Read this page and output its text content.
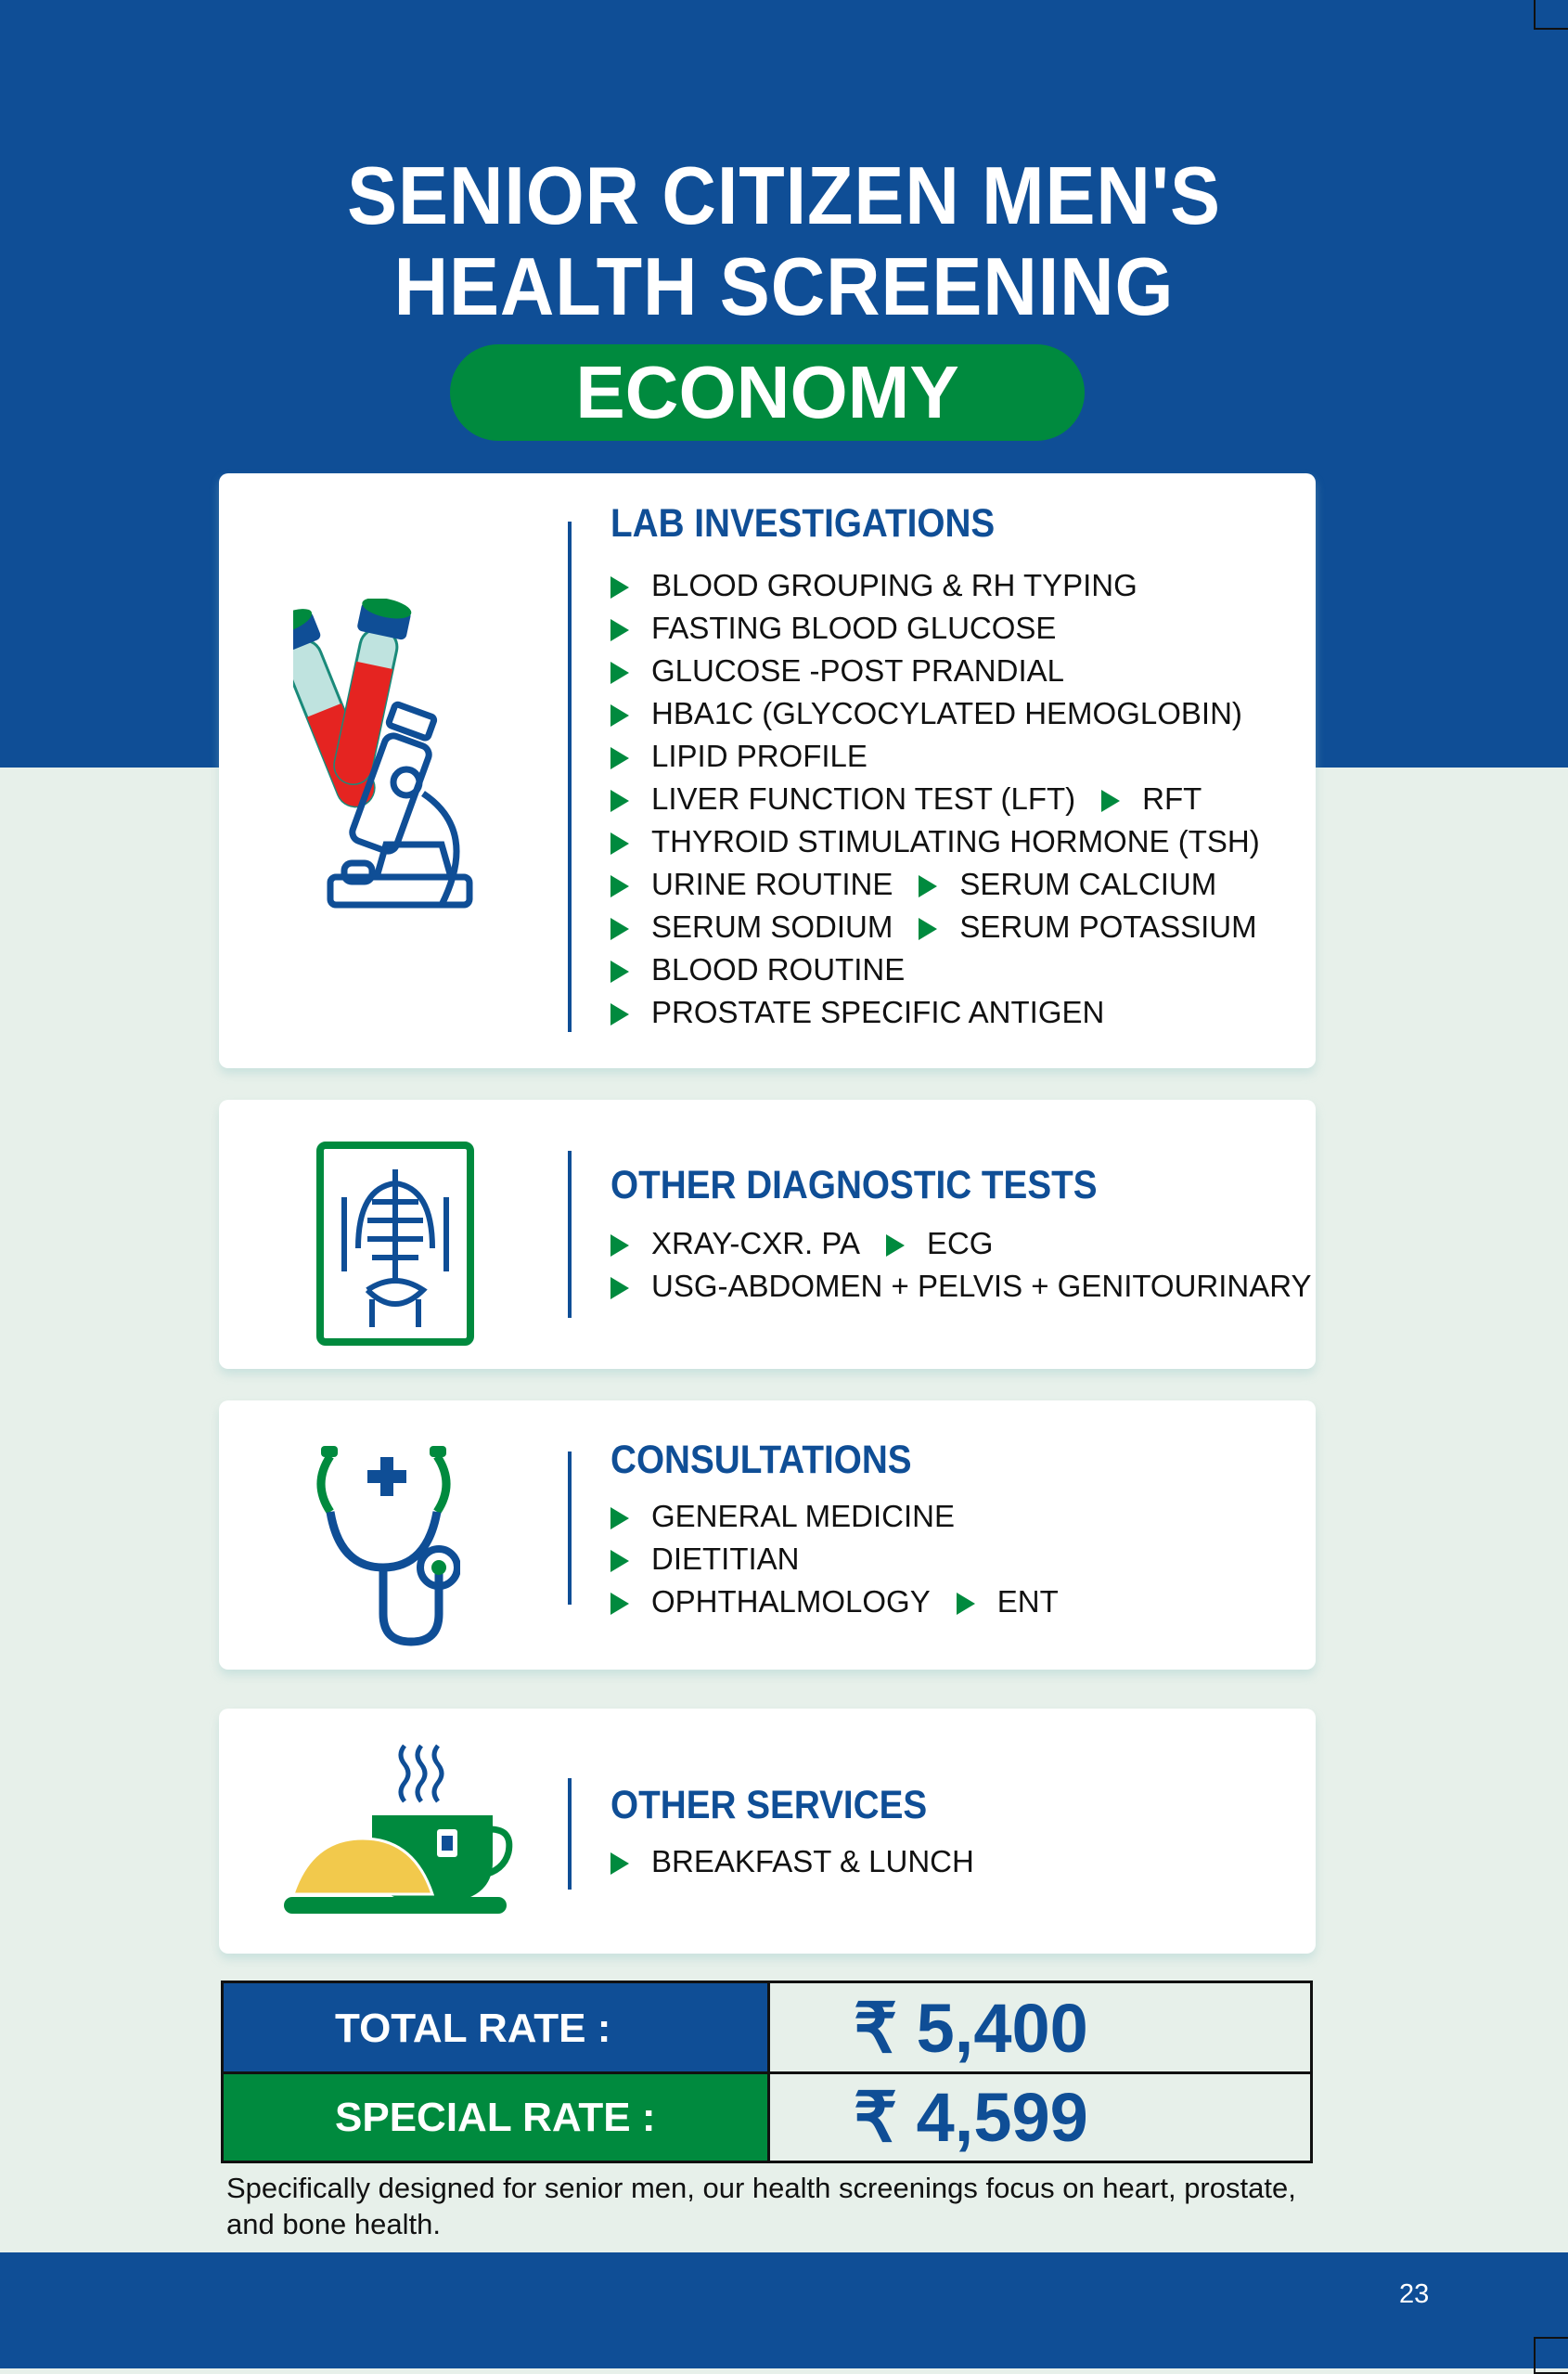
SENIOR CITIZEN MEN'S
HEALTH SCREENING
ECONOMY
LAB INVESTIGATIONS
BLOOD GROUPING & RH TYPING
FASTING BLOOD GLUCOSE
GLUCOSE -POST PRANDIAL
HBA1C (GLYCOCYLATED HEMOGLOBIN)
LIPID PROFILE
LIVER FUNCTION TEST (LFT) RFT
THYROID STIMULATING HORMONE (TSH)
URINE ROUTINE SERUM CALCIUM
SERUM SODIUM SERUM POTASSIUM
BLOOD ROUTINE
PROSTATE SPECIFIC ANTIGEN
OTHER DIAGNOSTIC TESTS
XRAY-CXR. PA ECG
USG-ABDOMEN + PELVIS + GENITOURINARY
CONSULTATIONS
GENERAL MEDICINE
DIETITIAN
OPHTHALMOLOGY ENT
OTHER SERVICES
BREAKFAST & LUNCH
TOTAL RATE :	₹ 5,400
SPECIAL RATE :	₹ 4,599
Specifically designed for senior men, our health screenings focus on heart, prostate, and bone health.
23
